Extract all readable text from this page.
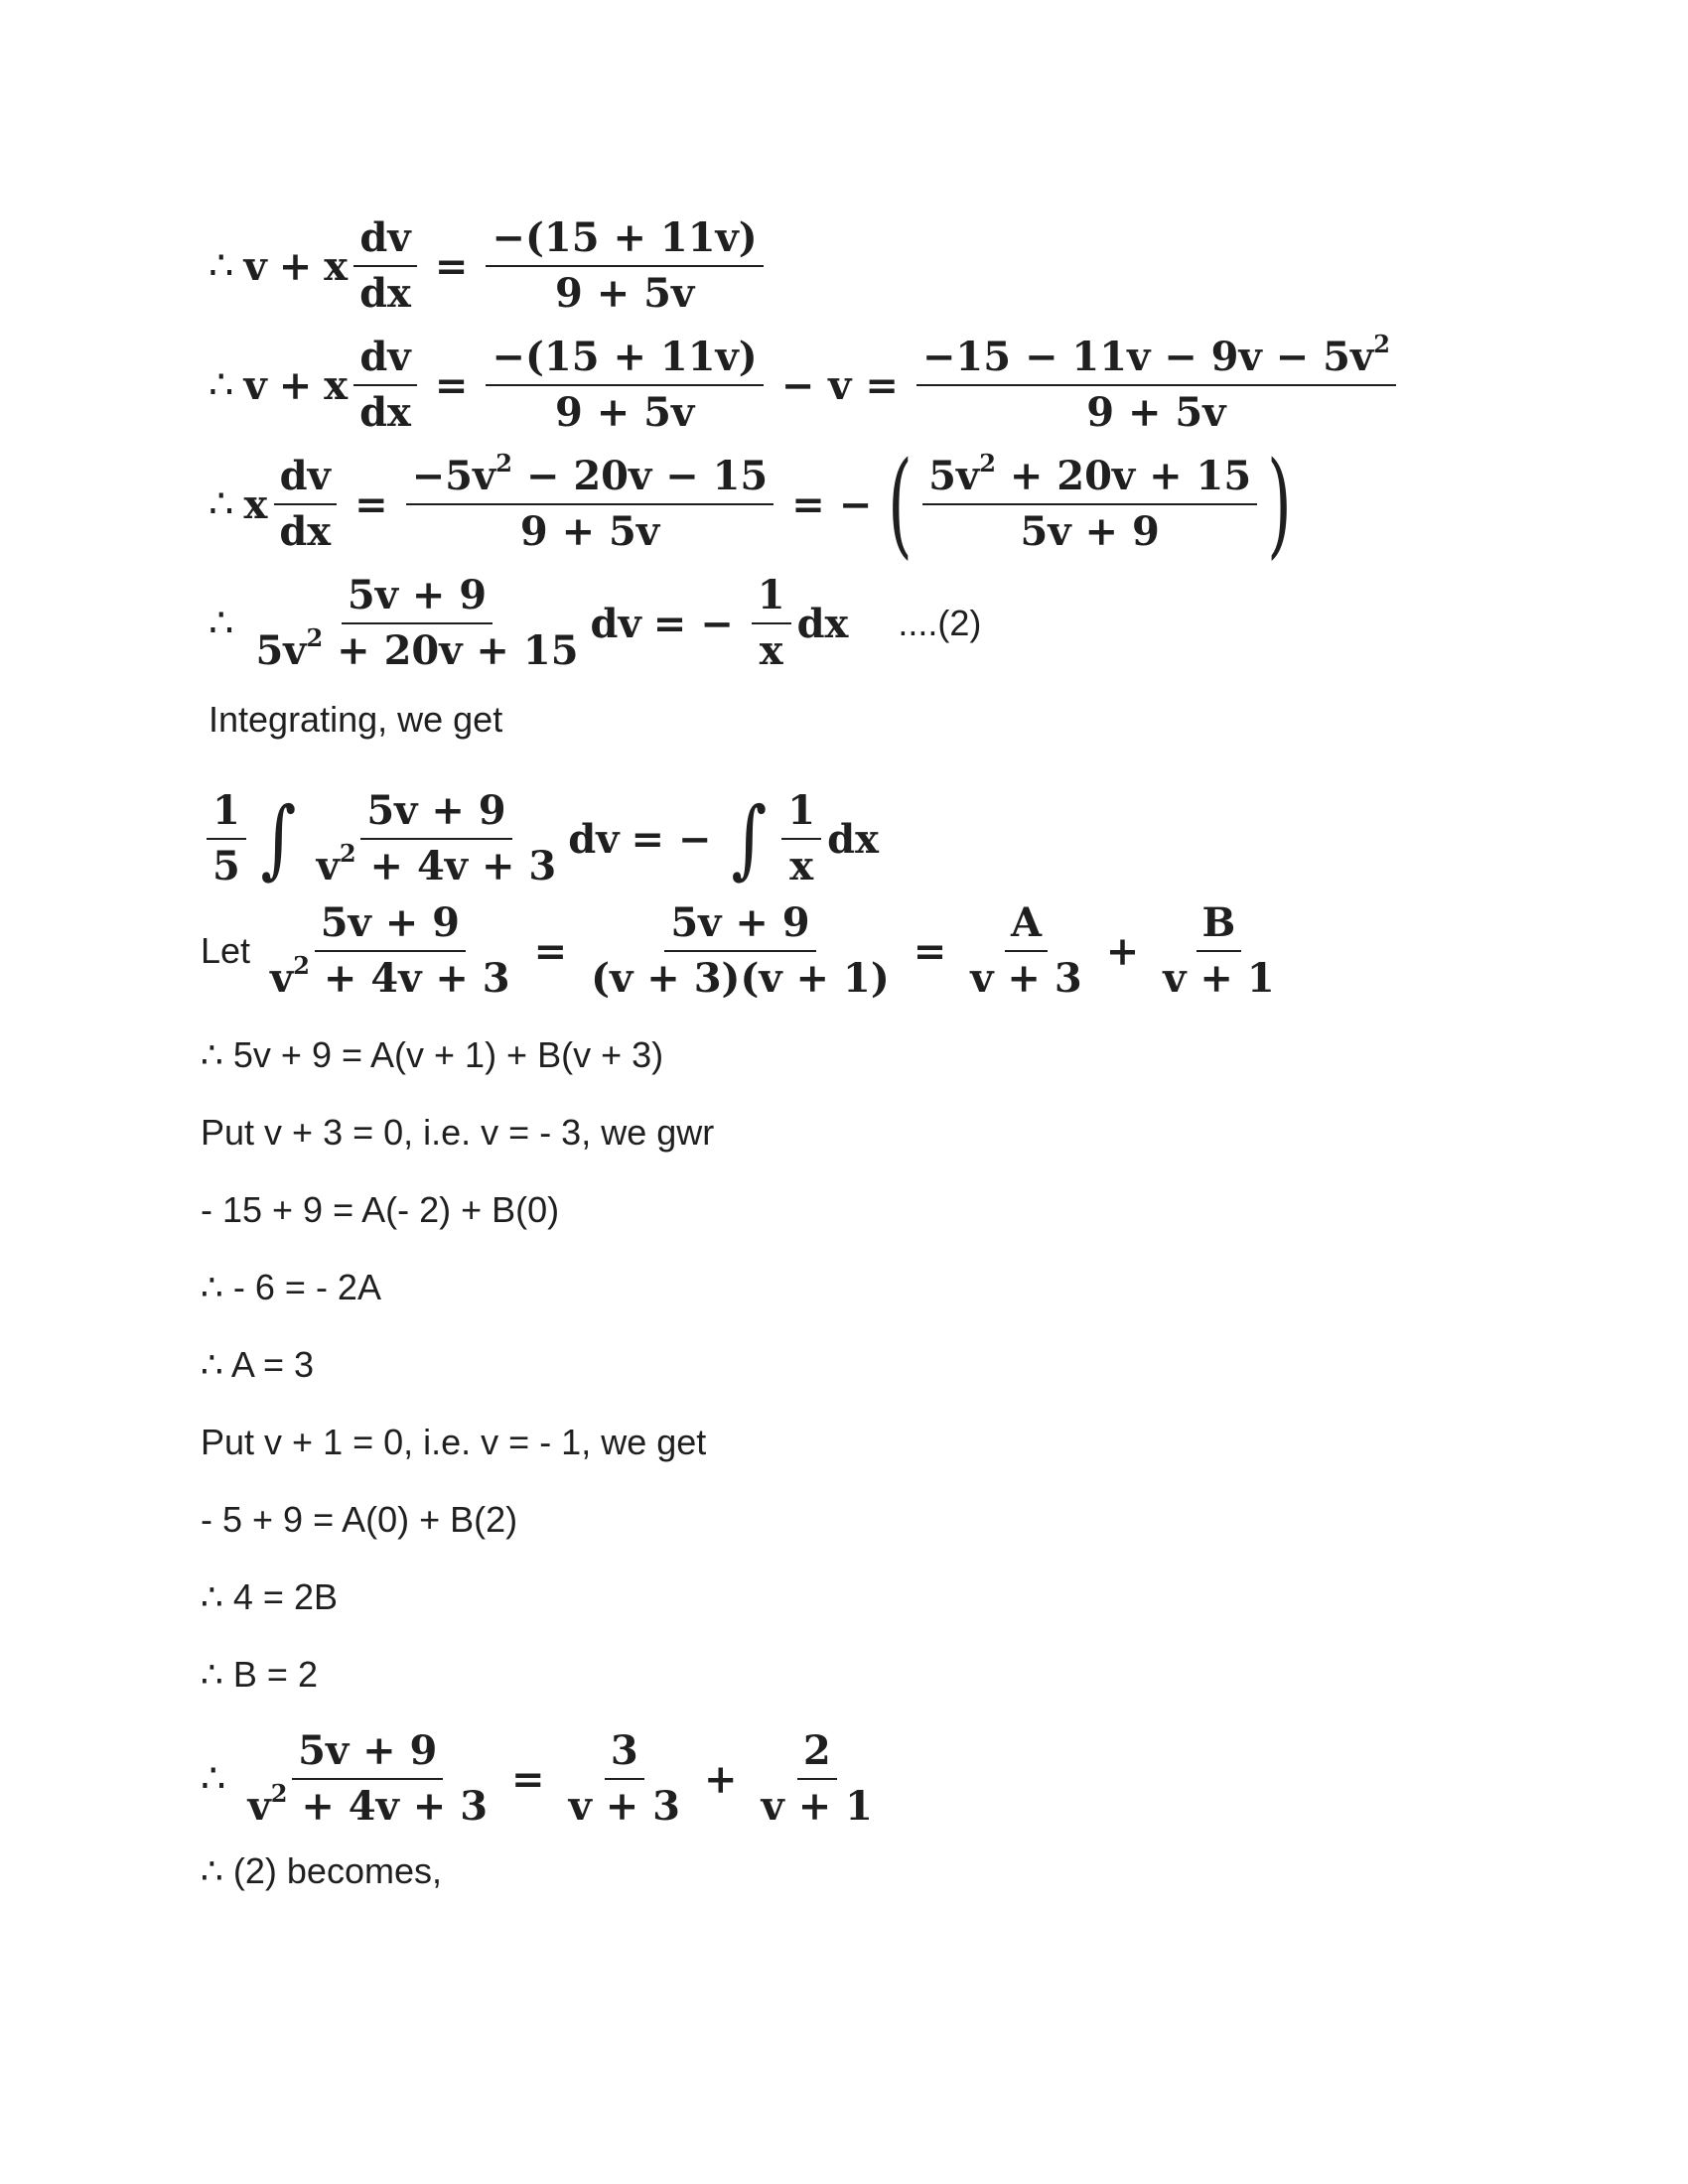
∴ v + x $\frac{dv}{dx} = \frac{-(15 + 11v)}{9 + 5v}$
∴ v + x $\frac{dv}{dx} = \frac{-(15 + 11v)}{9 + 5v} - v = \frac{-15 - 11v - 9v - 5v^2}{9 + 5v}$
∴ x $\frac{dv}{dx} = \frac{-5v^2 - 20v - 15}{9 + 5v}$ = − ( $\frac{5v^2 + 20v + 15}{5v + 9}$ )
∴ $\frac{5v + 9}{5v^2 + 20v + 15}$ dv = − $\frac{1}{x}$ dx ....(2)
Integrating, we get
$\frac{1}{5}$ ∫ $\frac{5v + 9}{v^2 + 4v + 3}$ dv = − ∫ $\frac{1}{x}$ dx
Let $\frac{5v + 9}{v^2 + 4v + 3} = \frac{5v + 9}{(v + 3)(v + 1)} = \frac{A}{v + 3} + \frac{B}{v + 1}$
∴ 5v + 9 = A(v + 1) + B(v + 3)
Put v + 3 = 0, i.e. v = - 3, we gwr
- 15 + 9 = A(- 2) + B(0)
∴ - 6 = - 2A
∴ A = 3
Put v + 1 = 0, i.e. v = - 1, we get
- 5 + 9 = A(0) + B(2)
∴ 4 = 2B
∴ B = 2
∴ $\frac{5v + 9}{v^2 + 4v + 3} = \frac{3}{v + 3} + \frac{2}{v + 1}$
∴ (2) becomes,
